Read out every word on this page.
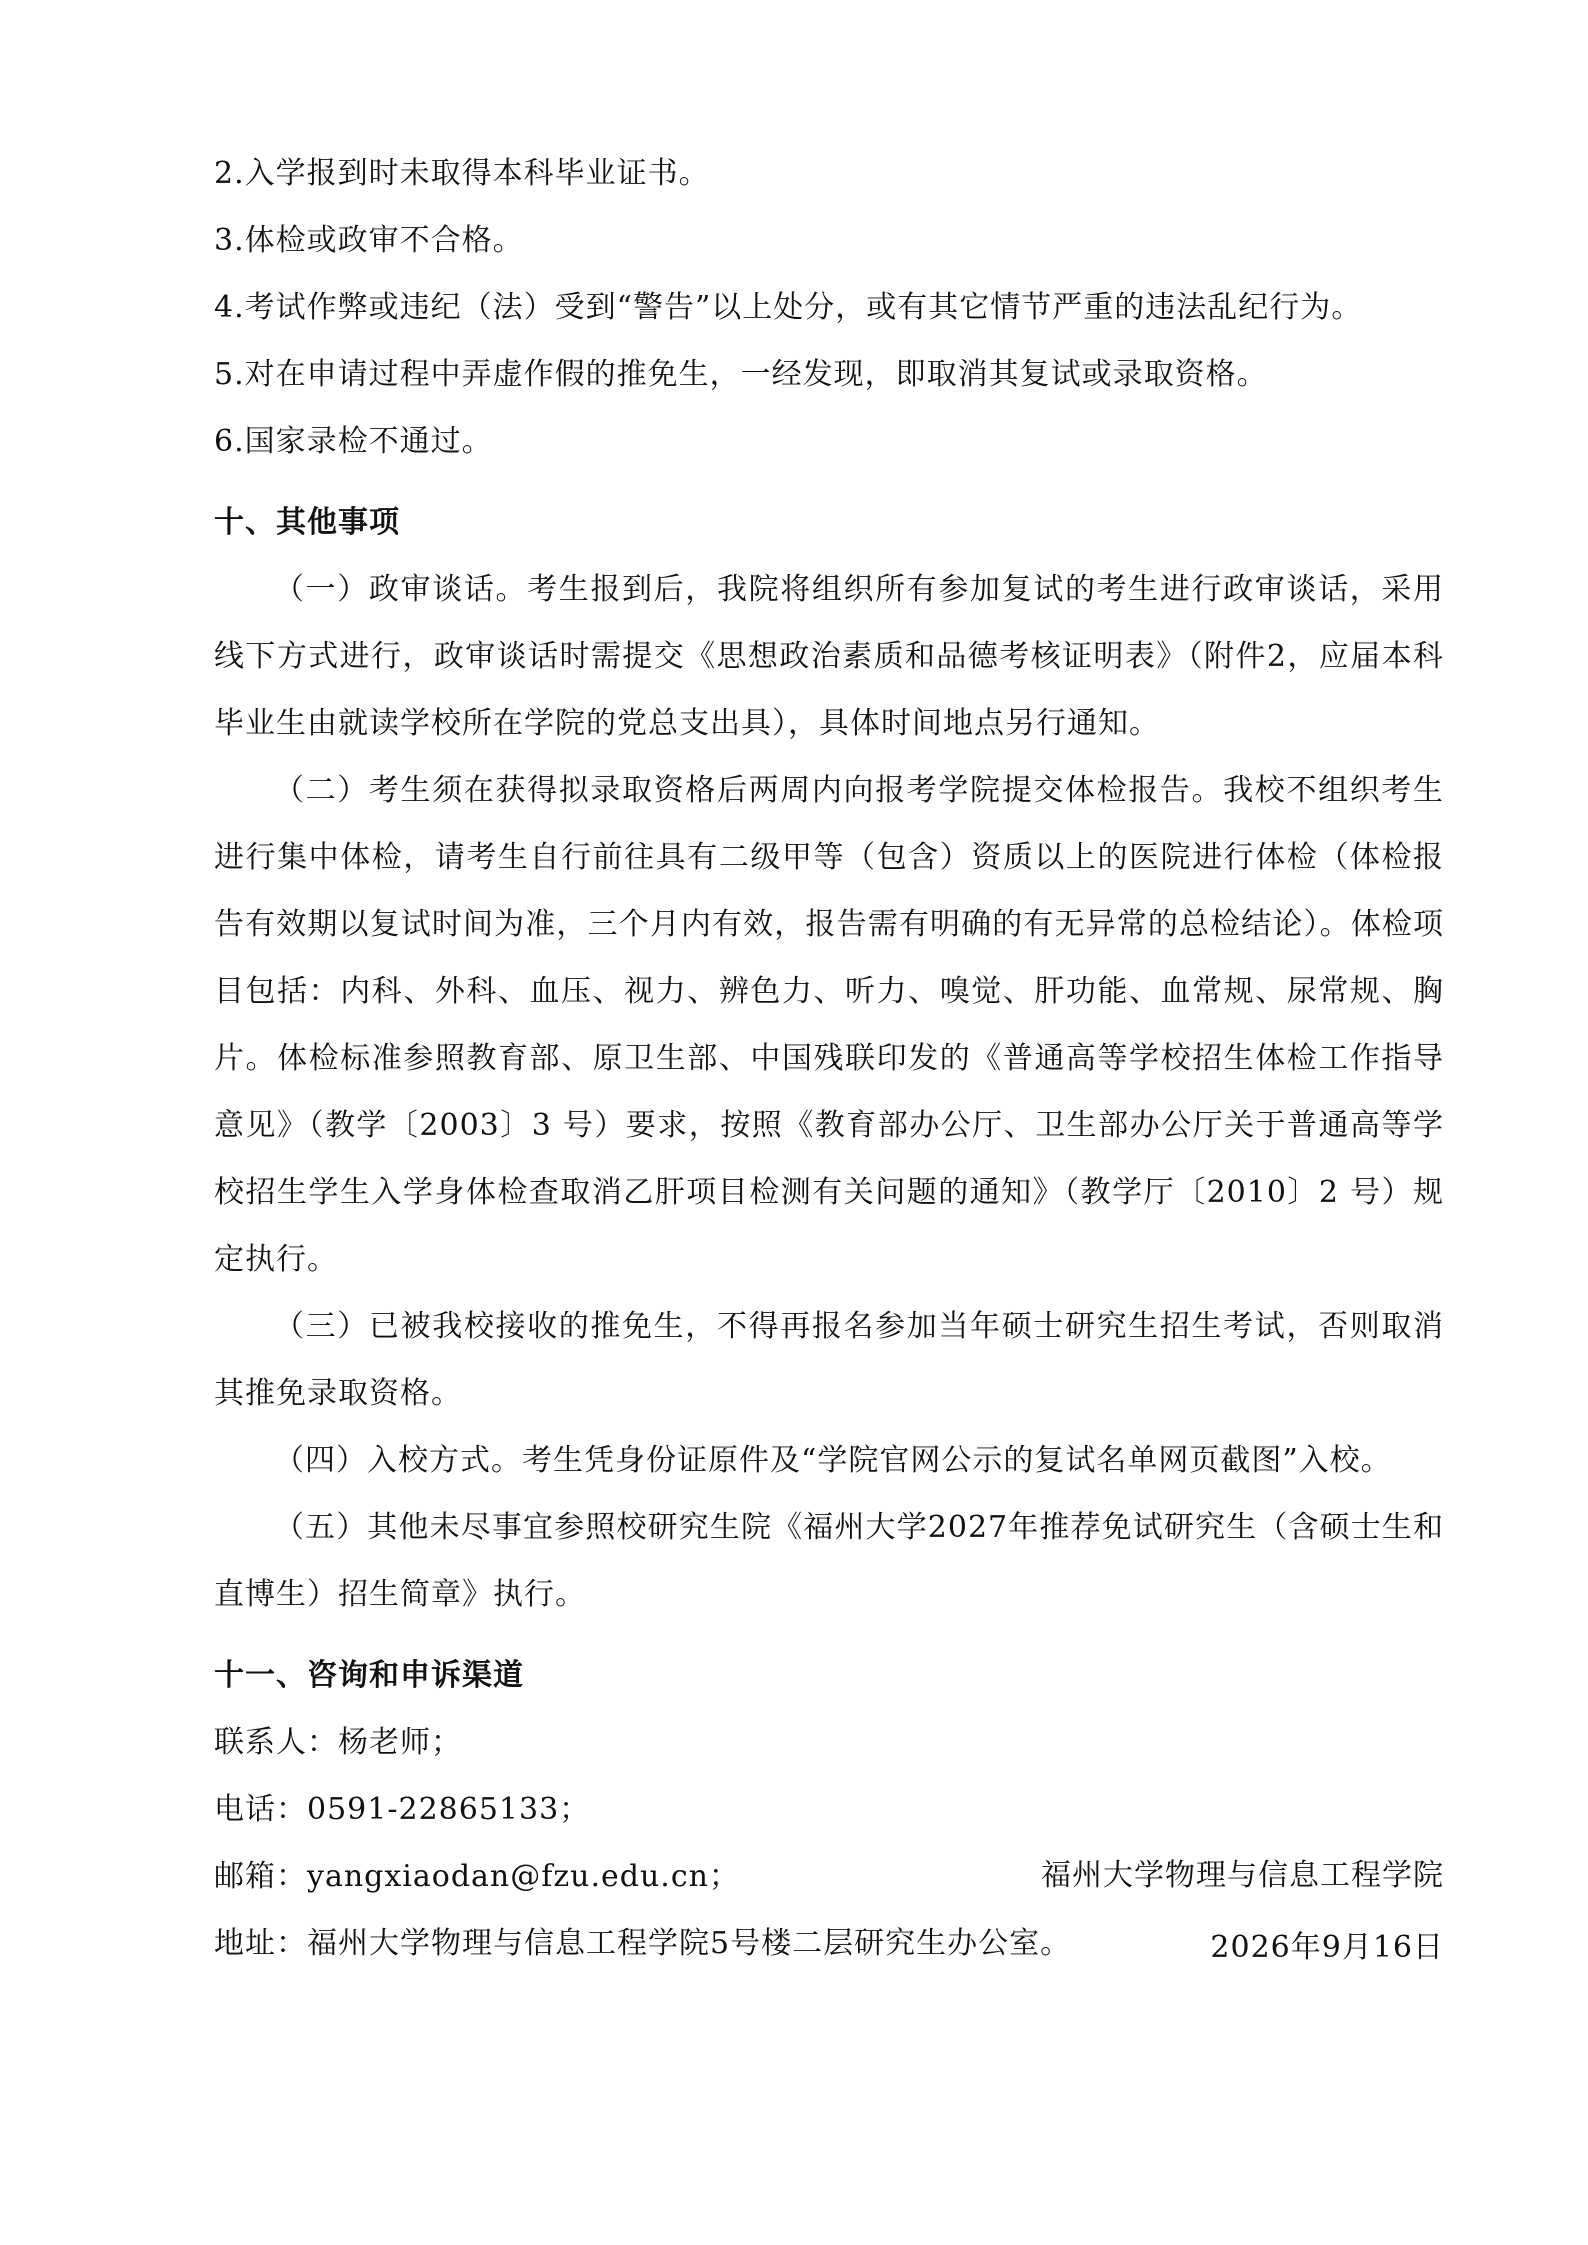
2.入学报到时未取得本科毕业证书。

3.体检或政审不合格。

4.考试作弊或违纪（法）受到“警告”以上处分，或有其它情节严重的违法乱纪行为。

5.对在申请过程中弄虚作假的推免生，一经发现，即取消其复试或录取资格。

6.国家录检不通过。

十、其他事项

（一）政审谈话。考生报到后，我院将组织所有参加复试的考生进行政审谈话，采用线下方式进行，政审谈话时需提交《思想政治素质和品德考核证明表》（附件2，应届本科毕业生由就读学校所在学院的党总支出具），具体时间地点另行通知。

（二）考生须在获得拟录取资格后两周内向报考学院提交体检报告。我校不组织考生进行集中体检，请考生自行前往具有二级甲等（包含）资质以上的医院进行体检（体检报告有效期以复试时间为准，三个月内有效，报告需有明确的有无异常的总检结论）。体检项目包括：内科、外科、血压、视力、辨色力、听力、嗅觉、肝功能、血常规、尿常规、胸片。体检标准参照教育部、原卫生部、中国残联印发的《普通高等学校招生体检工作指导意见》（教学〔2003〕3 号）要求，按照《教育部办公厅、卫生部办公厅关于普通高等学校招生学生入学身体检查取消乙肝项目检测有关问题的通知》（教学厅〔2010〕2 号）规定执行。

（三）已被我校接收的推免生，不得再报名参加当年硕士研究生招生考试，否则取消其推免录取资格。

（四）入校方式。考生凭身份证原件及“学院官网公示的复试名单网页截图”入校。

（五）其他未尽事宜参照校研究生院《福州大学2027年推荐免试研究生（含硕士生和直博生）招生简章》执行。

十一、咨询和申诉渠道

联系人：杨老师；

电话：0591-22865133；

邮箱：yangxiaodan@fzu.edu.cn；

地址：福州大学物理与信息工程学院5号楼二层研究生办公室。

福州大学物理与信息工程学院
2026年9月16日
